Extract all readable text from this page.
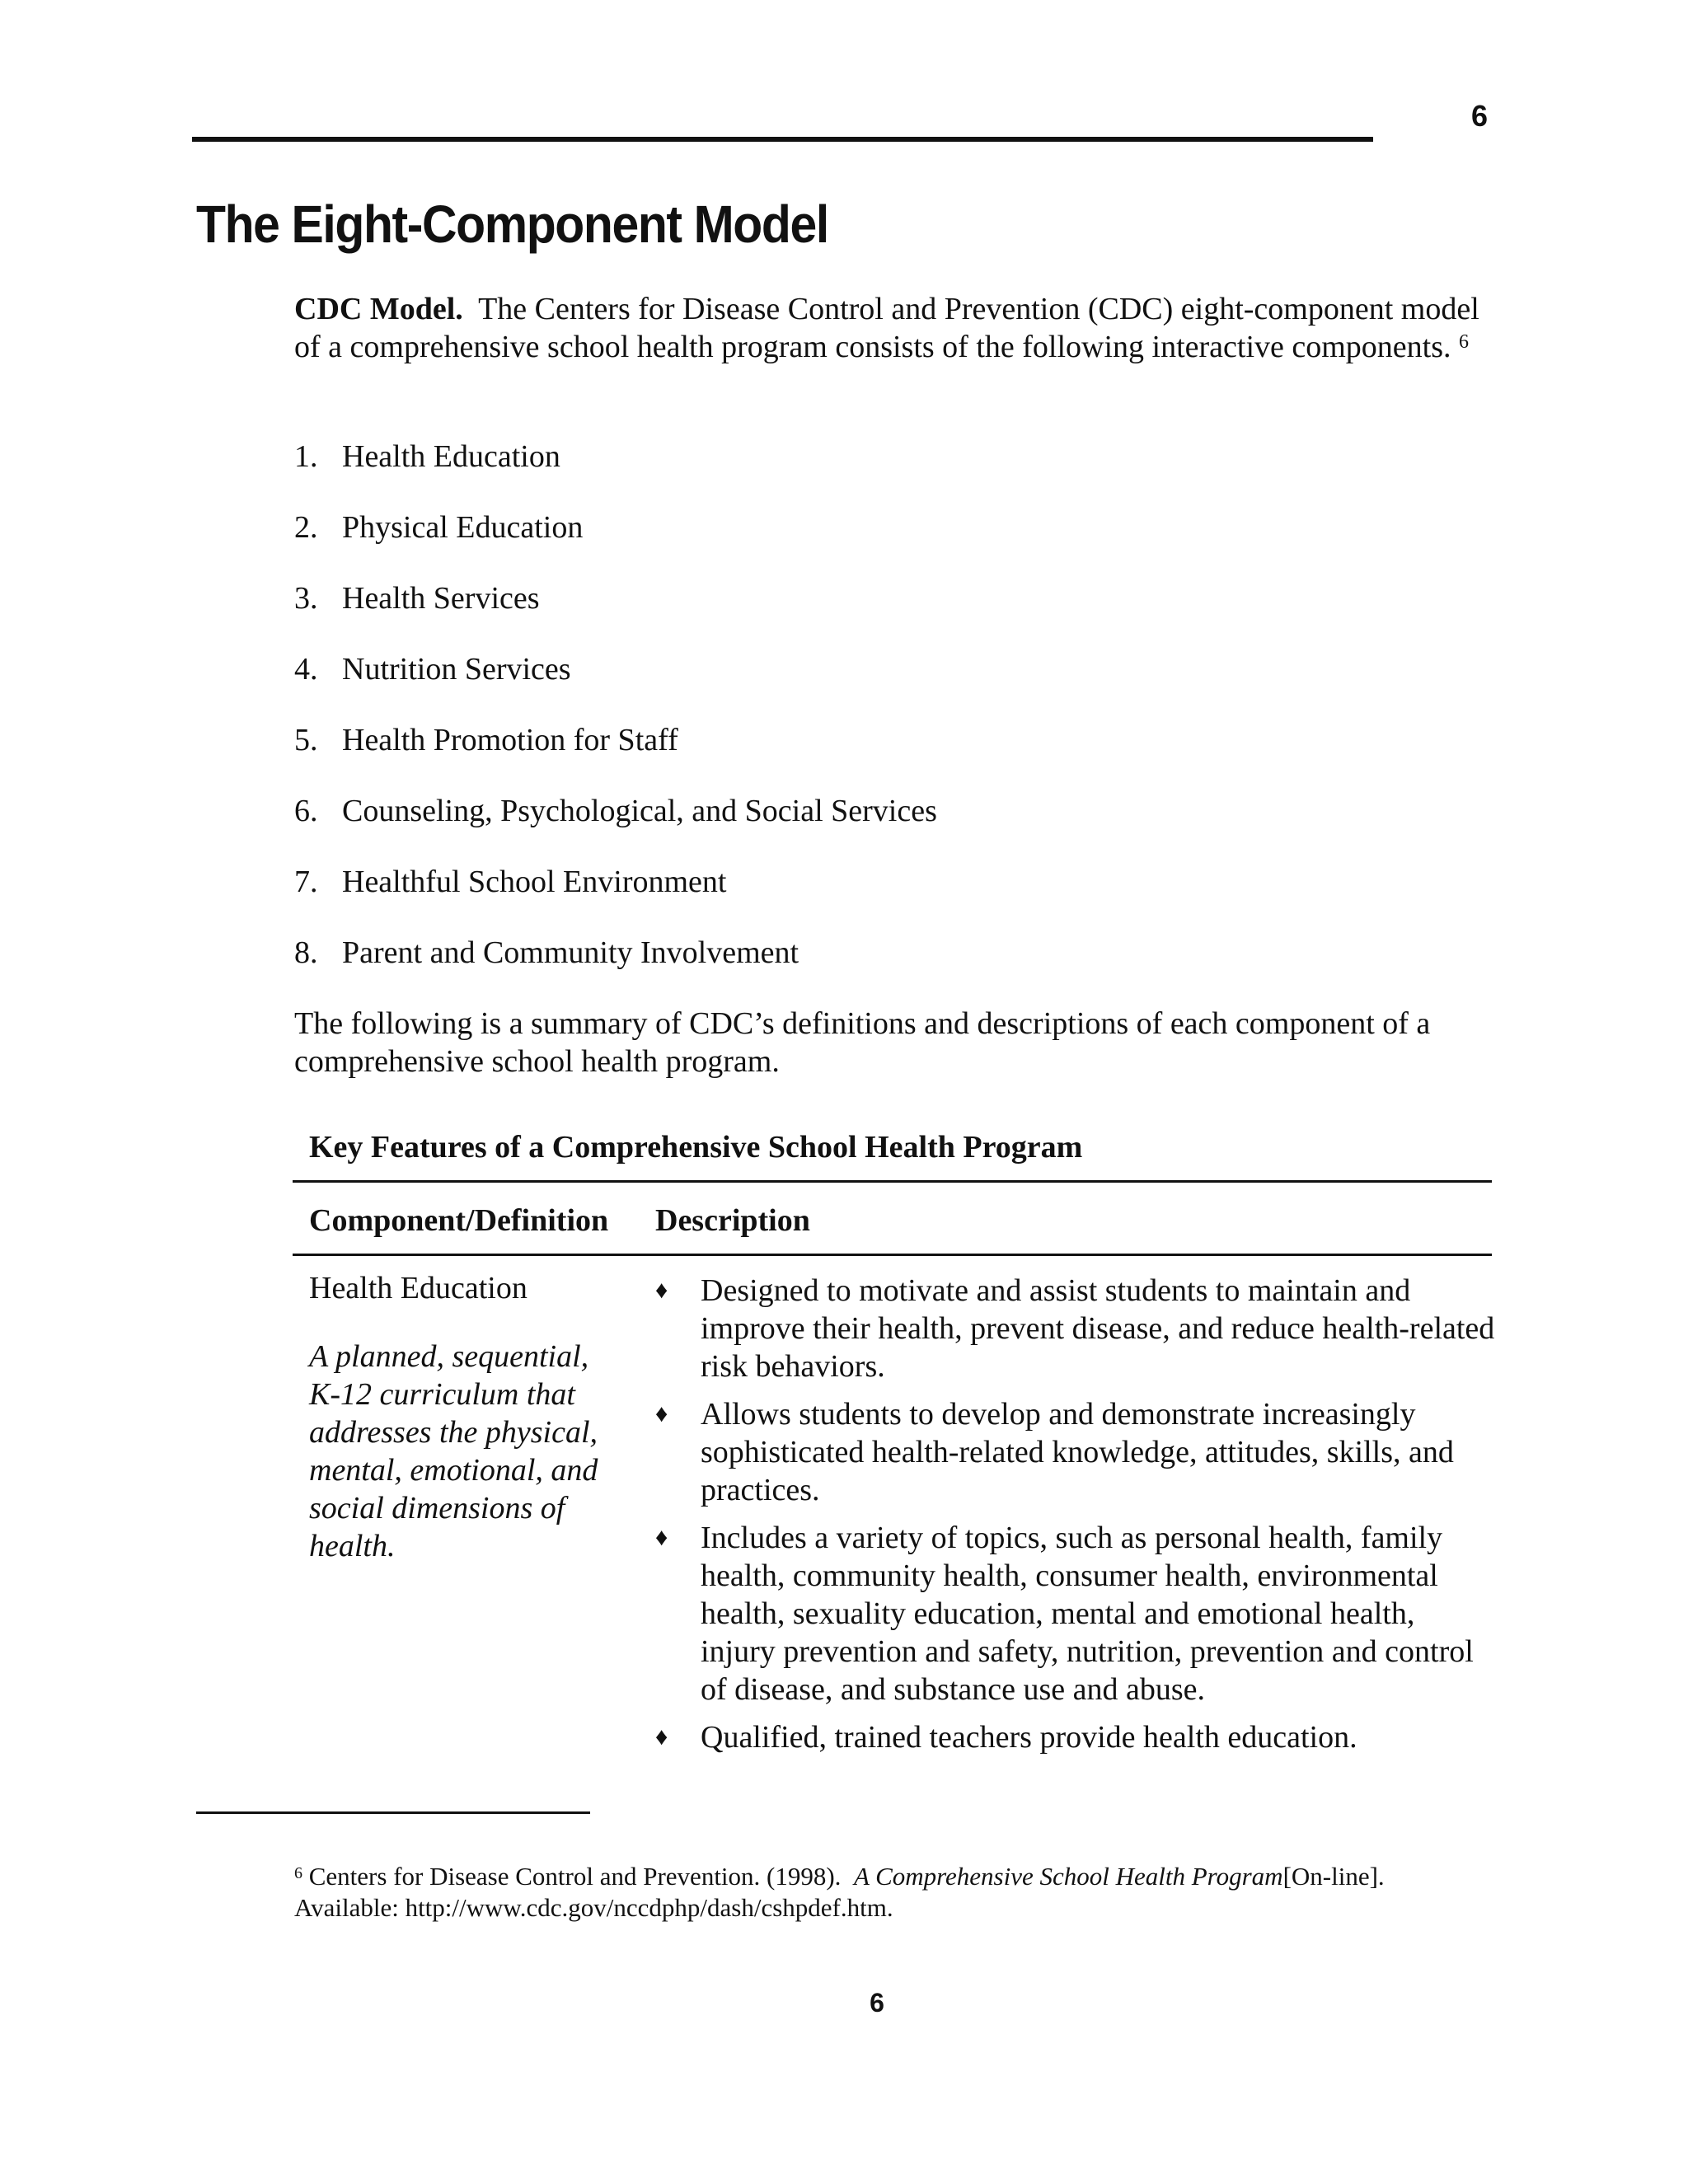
6
The Eight-Component Model

CDC Model. The Centers for Disease Control and Prevention (CDC) eight-component model of a comprehensive school health program consists of the following interactive components. $^6$

1. Health Education
2. Physical Education
3. Health Services
4. Nutrition Services
5. Health Promotion for Staff
6. Counseling, Psychological, and Social Services
7. Healthful School Environment
8. Parent and Community Involvement

The following is a summary of CDC’s definitions and descriptions of each component of a comprehensive school health program.

Key Features of a Comprehensive School Health Program
Component/Definition Description
Health Education

A planned, sequential, K-12 curriculum that addresses the physical, mental, emotional, and social dimensions of health.

♦	Designed to motivate and assist students to maintain and improve their health, prevent disease, and reduce health-related risk behaviors.
♦	Allows students to develop and demonstrate increasingly sophisticated health-related knowledge, attitudes, skills, and practices.
♦	Includes a variety of topics, such as personal health, family health, community health, consumer health, environmental health, sexuality education, mental and emotional health, injury prevention and safety, nutrition, prevention and control of disease, and substance use and abuse.
♦	Qualified, trained teachers provide health education.

$^6$ Centers for Disease Control and Prevention. (1998). A Comprehensive School Health Program[On-line].
Available: http://www.cdc.gov/nccdphp/dash/cshpdef.htm.

6
